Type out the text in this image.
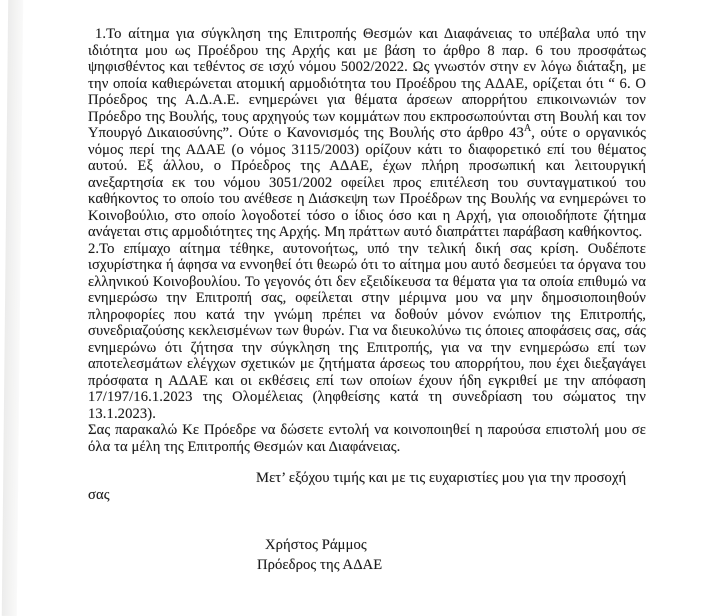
1.Το αίτημα για σύγκληση της Επιτροπής Θεσμών και Διαφάνειας το υπέβαλα υπό την ιδιότητα μου ως Προέδρου της Αρχής και με βάση το άρθρο 8 παρ. 6 του προσφάτως ψηφισθέντος και τεθέντος σε ισχύ νόμου 5002/2022. Ως γνωστόν στην εν λόγω διάταξη, με την οποία καθιερώνεται ατομική αρμοδιότητα του Προέδρου της ΑΔΑΕ, ορίζεται ότι “ 6. Ο Πρόεδρος της Α.Δ.Α.Ε. ενημερώνει για θέματα άρσεων απορρήτου επικοινωνιών τον Πρόεδρο της Βουλής, τους αρχηγούς των κομμάτων που εκπροσωπούνται στη Βουλή και τον Υπουργό Δικαιοσύνης”. Ούτε ο Κανονισμός της Βουλής στο άρθρο 43$^A$, ούτε ο οργανικός νόμος περί της ΑΔΑΕ (ο νόμος 3115/2003) ορίζουν κάτι το διαφορετικό επί του θέματος αυτού. Εξ άλλου, ο Πρόεδρος της ΑΔΑΕ, έχων πλήρη προσωπική και λειτουργική ανεξαρτησία εκ του νόμου 3051/2002 οφείλει προς επιτέλεση του συνταγματικού του καθήκοντος το οποίο του ανέθεσε η Διάσκεψη των Προέδρων της Βουλής να ενημερώνει το Κοινοβούλιο, στο οποίο λογοδοτεί τόσο ο ίδιος όσο και η Αρχή, για οποιοδήποτε ζήτημα ανάγεται στις αρμοδιότητες της Αρχής. Μη πράττων αυτό διαπράττει παράβαση καθήκοντος.

2.Το επίμαχο αίτημα τέθηκε, αυτονοήτως, υπό την τελική δική σας κρίση. Ουδέποτε ισχυρίστηκα ή άφησα να εννοηθεί ότι θεωρώ ότι το αίτημα μου αυτό δεσμεύει τα όργανα του ελληνικού Κοινοβουλίου. Το γεγονός ότι δεν εξειδίκευσα τα θέματα για τα οποία επιθυμώ να ενημερώσω την Επιτροπή σας, οφείλεται στην μέριμνα μου να μην δημοσιοποιηθούν πληροφορίες που κατά την γνώμη πρέπει να δοθούν μόνον ενώπιον της Επιτροπής, συνεδριαζούσης κεκλεισμένων των θυρών. Για να διευκολύνω τις όποιες αποφάσεις σας, σάς ενημερώνω ότι ζήτησα την σύγκληση της Επιτροπής, για να την ενημερώσω επί των αποτελεσμάτων ελέγχων σχετικών με ζητήματα άρσεως του απορρήτου, που έχει διεξαγάγει πρόσφατα η ΑΔΑΕ και οι εκθέσεις επί των οποίων έχουν ήδη εγκριθεί με την απόφαση 17/197/16.1.2023 της Ολομέλειας (ληφθείσης κατά τη συνεδρίαση του σώματος την 13.1.2023).

Σας παρακαλώ Κε Πρόεδρε να δώσετε εντολή να κοινοποιηθεί η παρούσα επιστολή μου σε όλα τα μέλη της Επιτροπής Θεσμών και Διαφάνειας.

Μετ’ εξόχου τιμής και με τις ευχαριστίες μου για την προσοχή

σας

Χρήστος Ράμμος

Πρόεδρος της ΑΔΑΕ
